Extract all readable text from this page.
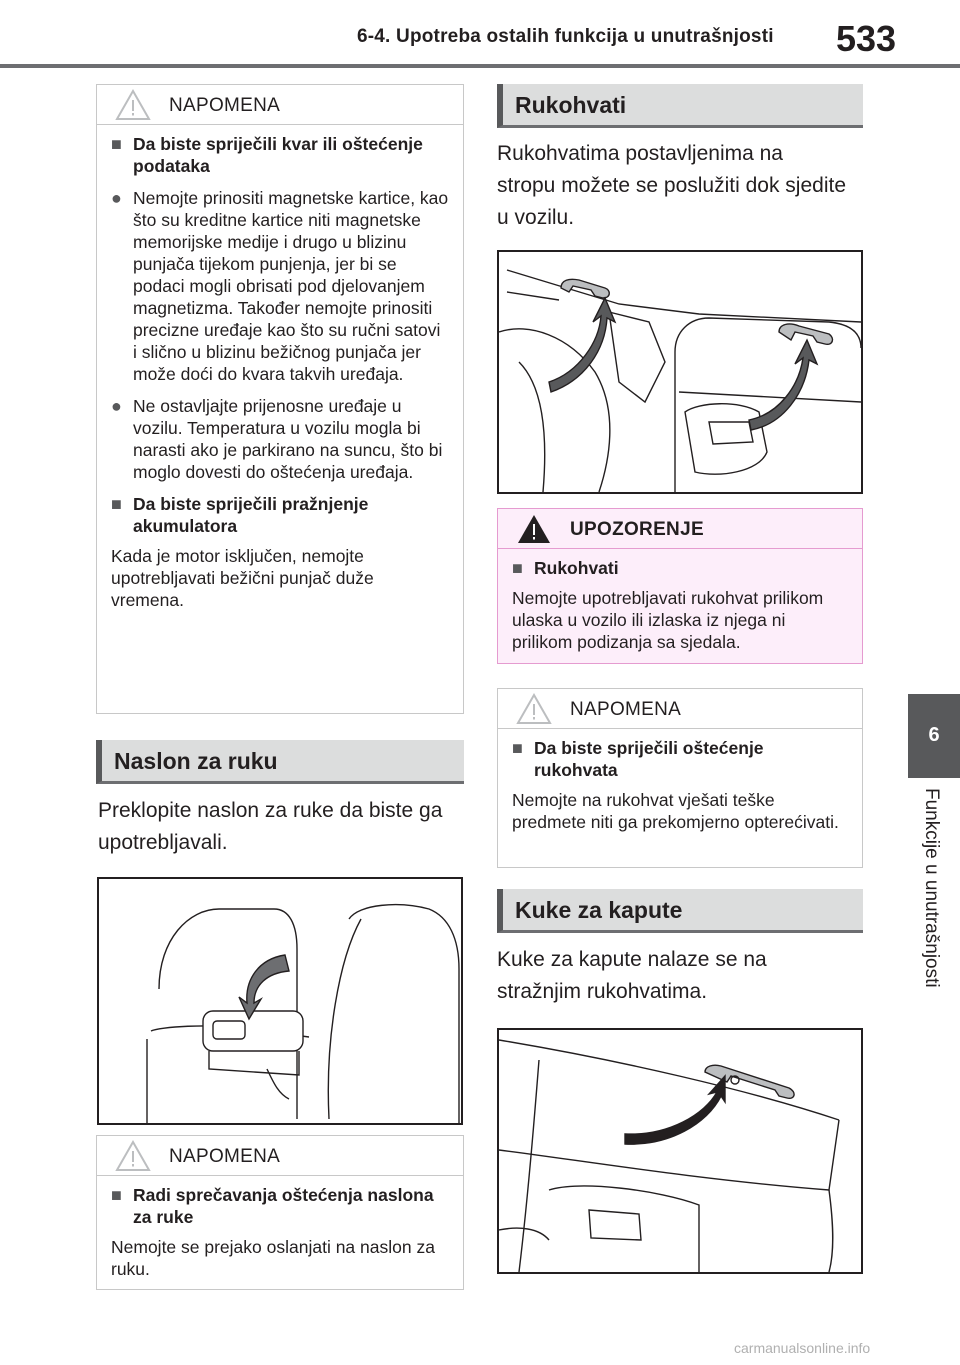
6-4. Upotreba ostalih funkcija u unutrašnjosti 533
6
Funkcije u unutrašnjosti
NAPOMENA
■ Da biste spriječili kvar ili oštećenje podataka
● Nemojte prinositi magnetske kartice, kao što su kreditne kartice niti magnetske memorijske medije i drugo u blizinu punjača tijekom punjenja, jer bi se podaci mogli obrisati pod djelovanjem magnetizma. Također nemojte prinositi precizne uređaje kao što su ručni satovi i slično u blizinu bežičnog punjača jer može doći do kvara takvih uređaja.
● Ne ostavljajte prijenosne uređaje u vozilu. Temperatura u vozilu mogla bi narasti ako je parkirano na suncu, što bi moglo dovesti do oštećenja uređaja.
■ Da biste spriječili pražnjenje akumulatora
Kada je motor isključen, nemojte upotrebljavati bežični punjač duže vremena.
Naslon za ruku
Preklopite naslon za ruke da biste ga upotrebljavali.
NAPOMENA
■ Radi sprečavanja oštećenja naslona za ruke
Nemojte se prejako oslanjati na naslon za ruku.
Rukohvati
Rukohvatima postavljenima na stropu možete se poslužiti dok sjedite u vozilu.
UPOZORENJE
■ Rukohvati
Nemojte upotrebljavati rukohvat prilikom ulaska u vozilo ili izlaska iz njega ni prilikom podizanja sa sjedala.
NAPOMENA
■ Da biste spriječili oštećenje rukohvata
Nemojte na rukohvat vješati teške predmete niti ga prekomjerno opterećivati.
Kuke za kapute
Kuke za kapute nalaze se na stražnjim rukohvatima.
carmanualsonline.info
